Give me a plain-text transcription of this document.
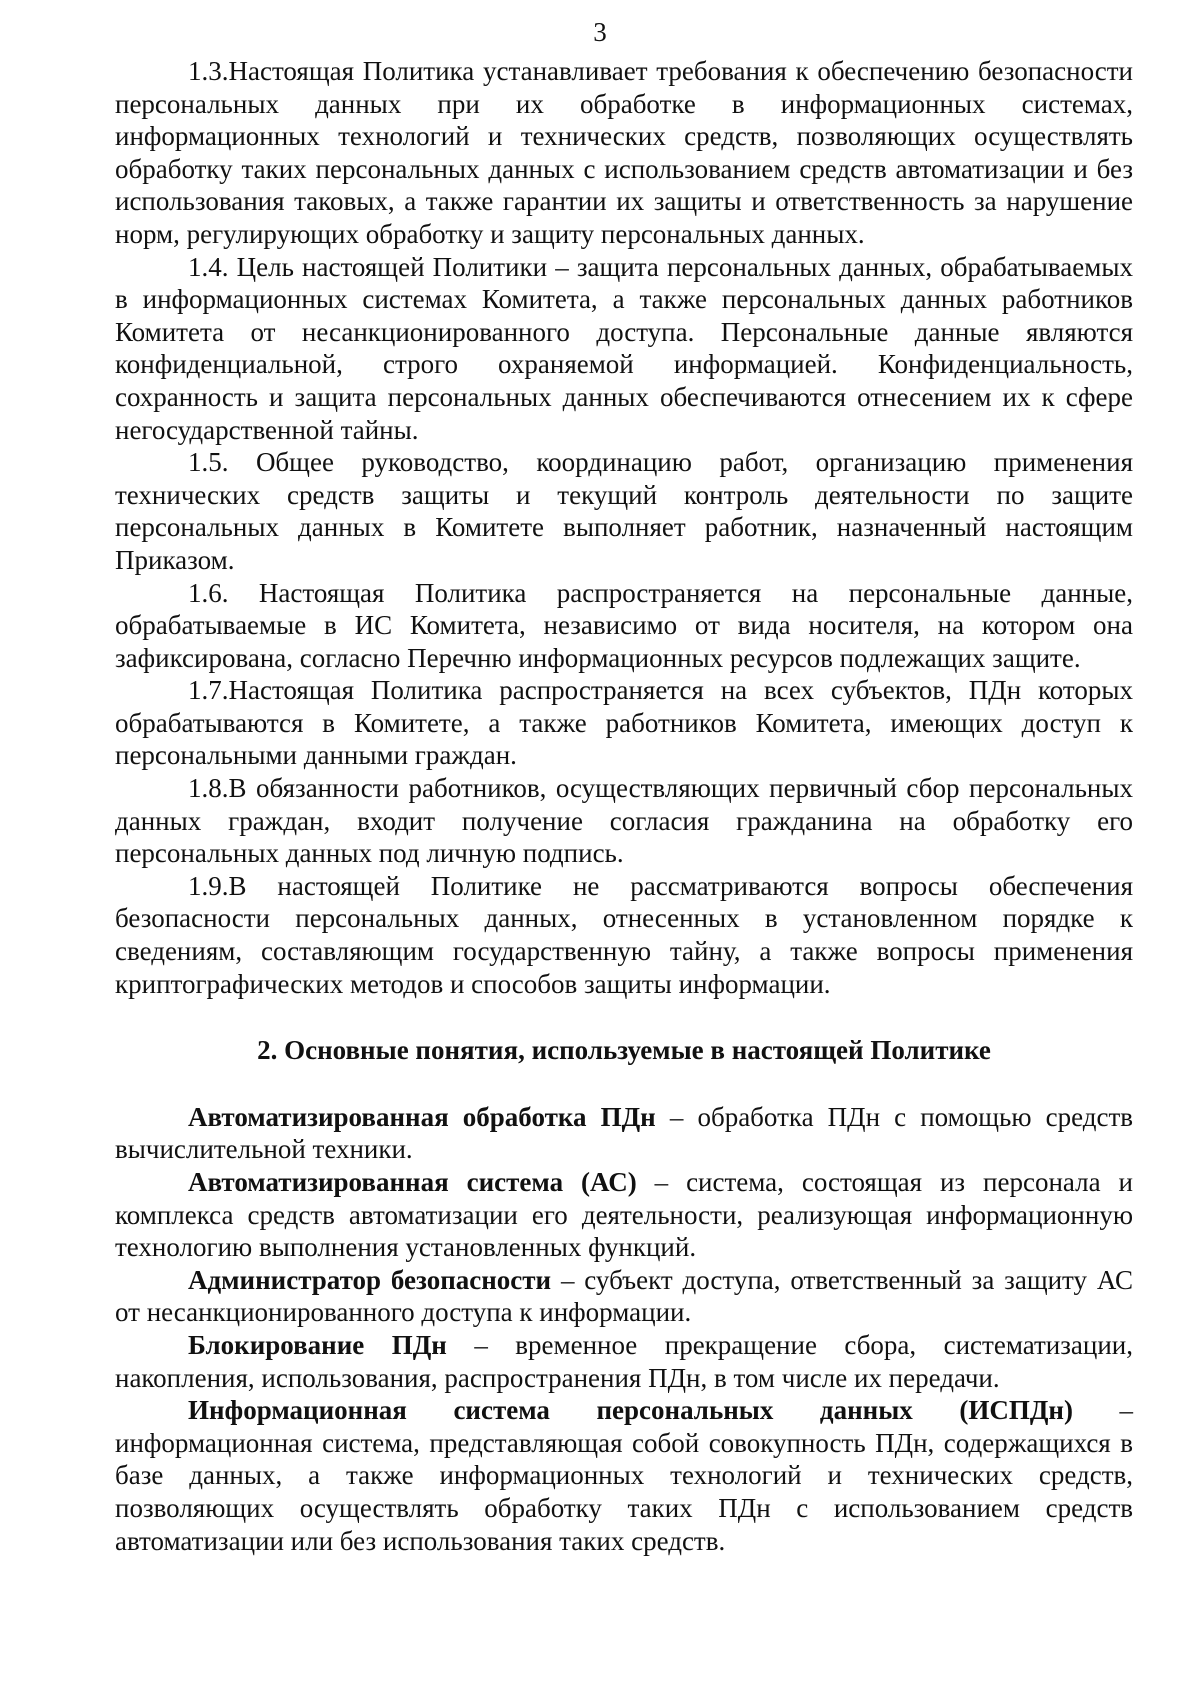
3

1.3.Настоящая Политика устанавливает требования к обеспечению безопасности персональных данных при их обработке в информационных системах, информационных технологий и технических средств, позволяющих осуществлять обработку таких персональных данных с использованием средств автоматизации и без использования таковых, а также гарантии их защиты и ответственность за нарушение норм, регулирующих обработку и защиту персональных данных.

1.4. Цель настоящей Политики – защита персональных данных, обрабатываемых в информационных системах Комитета, а также персональных данных работников Комитета от несанкционированного доступа. Персональные данные являются конфиденциальной, строго охраняемой информацией. Конфиденциальность, сохранность и защита персональных данных обеспечиваются отнесением их к сфере негосударственной тайны.

1.5. Общее руководство, координацию работ, организацию применения технических средств защиты и текущий контроль деятельности по защите персональных данных в Комитете выполняет работник, назначенный настоящим Приказом.

1.6. Настоящая Политика распространяется на персональные данные, обрабатываемые в ИС Комитета, независимо от вида носителя, на котором она зафиксирована, согласно Перечню информационных ресурсов подлежащих защите.

1.7.Настоящая Политика распространяется на всех субъектов, ПДн которых обрабатываются в Комитете, а также работников Комитета, имеющих доступ к персональными данными граждан.

1.8.В обязанности работников, осуществляющих первичный сбор персональных данных граждан, входит получение согласия гражданина на обработку его персональных данных под личную подпись.

1.9.В настоящей Политике не рассматриваются вопросы обеспечения безопасности персональных данных, отнесенных в установленном порядке к сведениям, составляющим государственную тайну, а также вопросы применения криптографических методов и способов защиты информации.

2. Основные понятия, используемые в настоящей Политике

Автоматизированная обработка ПДн – обработка ПДн с помощью средств вычислительной техники.

Автоматизированная система (АС) – система, состоящая из персонала и комплекса средств автоматизации его деятельности, реализующая информационную технологию выполнения установленных функций.

Администратор безопасности – субъект доступа, ответственный за защиту АС от несанкционированного доступа к информации.

Блокирование ПДн – временное прекращение сбора, систематизации, накопления, использования, распространения ПДн, в том числе их передачи.

Информационная система персональных данных (ИСПДн) – информационная система, представляющая собой совокупность ПДн, содержащихся в базе данных, а также информационных технологий и технических средств, позволяющих осуществлять обработку таких ПДн с использованием средств автоматизации или без использования таких средств.
